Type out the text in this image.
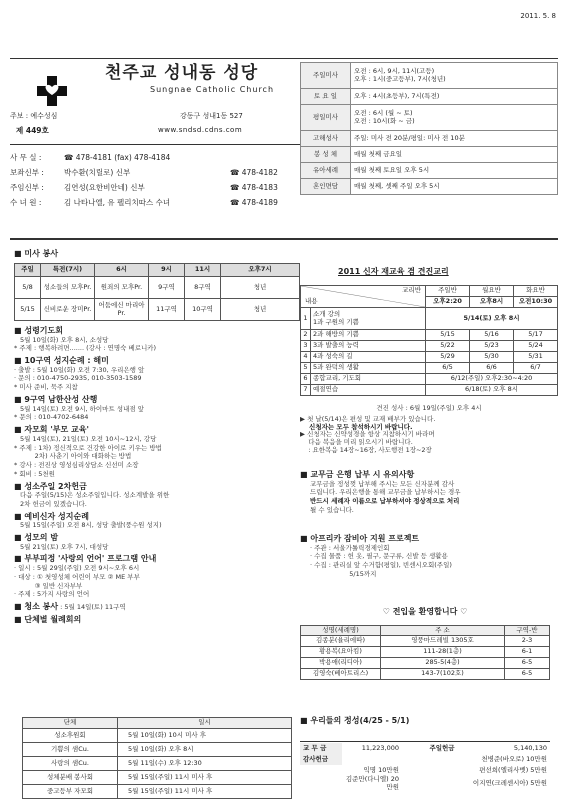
2011. 5. 8
천주교 성내동 성당
Sungnae Catholic Church
주보 : 예수성심
제 449호
강동구 성내1동 527
www.sndsd.cdns.com
사 무 실 :	☎ 478-4181 (fax) 478-4184
보좌신부 :	박수환(치릴로) 신부	☎ 478-4182
주임신부 :	김연성(요한비안네) 신부	☎ 478-4183
수 녀 원 :	김 나타나엘, 유 펠리치따스 수녀	☎ 478-4189
주일미사	오전 : 6시, 9시, 11시(고등)
오후 : 1시(중고등부), 7시(청년)
토 요 일	오후 : 4시(초등부), 7시(특전)
평일미사	오전 : 6시 (월 ~ 토)
오전 : 10시(화 ~ 금)
고해성사	주일: 미사 전 20분/평일: 미사 전 10분
봉 성 체	매월 첫째 금요일
유아세례	매월 첫째 토요일 오후 5시
혼인면담	매월 첫째, 셋째 주일 오후 5시
■ 미사 봉사
주일	특전(7시)	6시	9시	11시	오후7시
5/8	성소들의 모후Pr.	원죄의 모후Pr.	9구역	8구역	청년
5/15	신비로운 장미Pr.	어둠에신 마리아Pr.	11구역	10구역	청년
■ 성령기도회
5월 10일(화) 오후 8시, 소성당
* 주제 : 행복하려면....... (강사 : 연명숙 베로니카)
■ 10구역 성지순례 : 해미
· 출발 : 5월 10일(화) 오전 7:30, 우리은행 앞
· 문의 : 010-4750-2935, 010-3503-1589
* 미사 준비, 묵주 지참
■ 9구역 남한산성 산행
5월 14일(토) 오전 9시, 하이마트 성내점 앞
* 문의 : 010-4702-6484
■ 자모회 '부모 교육'
5월 14일(토), 21일(토) 오전 10시~12시, 강당
* 주제 : 1차) 정신적으로 건강한 아이로 키우는 방법
2차) 사춘기 아이와 대화하는 방법
* 강사 : 전진상 영성심리상담소 신선미 소장
* 회비 : 5천원
■ 성소주일 2차헌금
다음 주일(5/15)은 성소주일입니다. 성소계발을 위한
2차 헌금이 있겠습니다.
■ 예비신자 성지순례
5월 15일(주일) 오전 8시, 성당 출발(풍수원 성지)
■ 성모의 밤
5월 21일(토) 오후 7시, 대성당
■ 부부피정 '사랑의 언어' 프로그램 안내
· 일시 : 5월 29일(주일) 오전 9시~오후 6시
· 대상 : ① 첫영성체 어린이 부모 ② ME 부부
③ 일반 신자부부
· 주제 : 5가지 사랑의 언어
■ 청소 봉사 : 5월 14일(토) 11구역
■ 단체별 월례회의
단체	일시
성소후원회	5월 10일(화) 10시 미사 후
기쁨의 샘Cu.	5월 10일(화) 오후 8시
사랑의 샘Cu.	5월 11일(수) 오후 12:30
성체분배 봉사회	5월 15일(주일) 11시 미사 후
중고등부 자모회	5월 15일(주일) 11시 미사 후
2011 신자 재교육 겸 견진교리
교리반
내용		주일반	월요반	화요반
		오후2:20	오후8시	오전10:30
1	소개 강의
1과 구원의 기쁨	5/14(토) 오후 8시		
2	2과 해방의 기쁨	5/15	5/16	5/17
3	3과 발출의 능력	5/22	5/23	5/24
4	4과 성숙의 길	5/29	5/30	5/31
5	5과 완덕의 생활	6/5	6/6	6/7
6	종합교리, 기도회	6/12(주일) 오후2:30~4:20		
7	예절연습	6/18(토) 오후 8시		
견진 성사 : 6월 19일(주일) 오후 4시
▶ 첫 날(5/14)은 편성 및 교재 배부가 있습니다.
신청자는 모두 참석하시기 바랍니다.
▶ 신청자는 신약성경을 항상 지참하시기 바라며
다음 복음을 미리 읽으시기 바랍니다.
: 요한복음 14장~16장, 사도행전 1장~2장
■ 교무금 은행 납부 시 유의사항
교무금을 정성껏 납부해 주시는 모든 신자분께 감사
드립니다. 우리은행을 통해 교무금을 납부하시는 경우
반드시 세례자 이름으로 납부하셔야 정상적으로 처리
될 수 있습니다.
■ 아프리카 잠비아 지원 프로젝트
· 주관 : 서울가톨릭경제인회
· 수집 물품 : 헌 옷, 필구, 문구류, 신발 등 생활용
· 수집 : 관리실 앞 수거함(평일), 빈센시오회(주일)
5/15까지
♡ 전입을 환영합니다 ♡
성명(세례명)	주 소	구역-반
김종분(율리에따)	영풍마드레빌 1305호	2-3
황용복(요아킴)	111-28(1층)	6-1
박용애(리디아)	285-5(4층)	6-5
김영숙(베아트리스)	143-7(102호)	6-5
■ 우리들의 정성(4/25 - 5/1)
교 무 금	11,223,000	주일헌금	5,140,130
감사헌금		천병준(바오로) 10만원	
	익명 10만원	편선희(엘리사벳) 5만원	
	김준만(다니엘) 20만원	이지연(크레센시아) 5만원	
